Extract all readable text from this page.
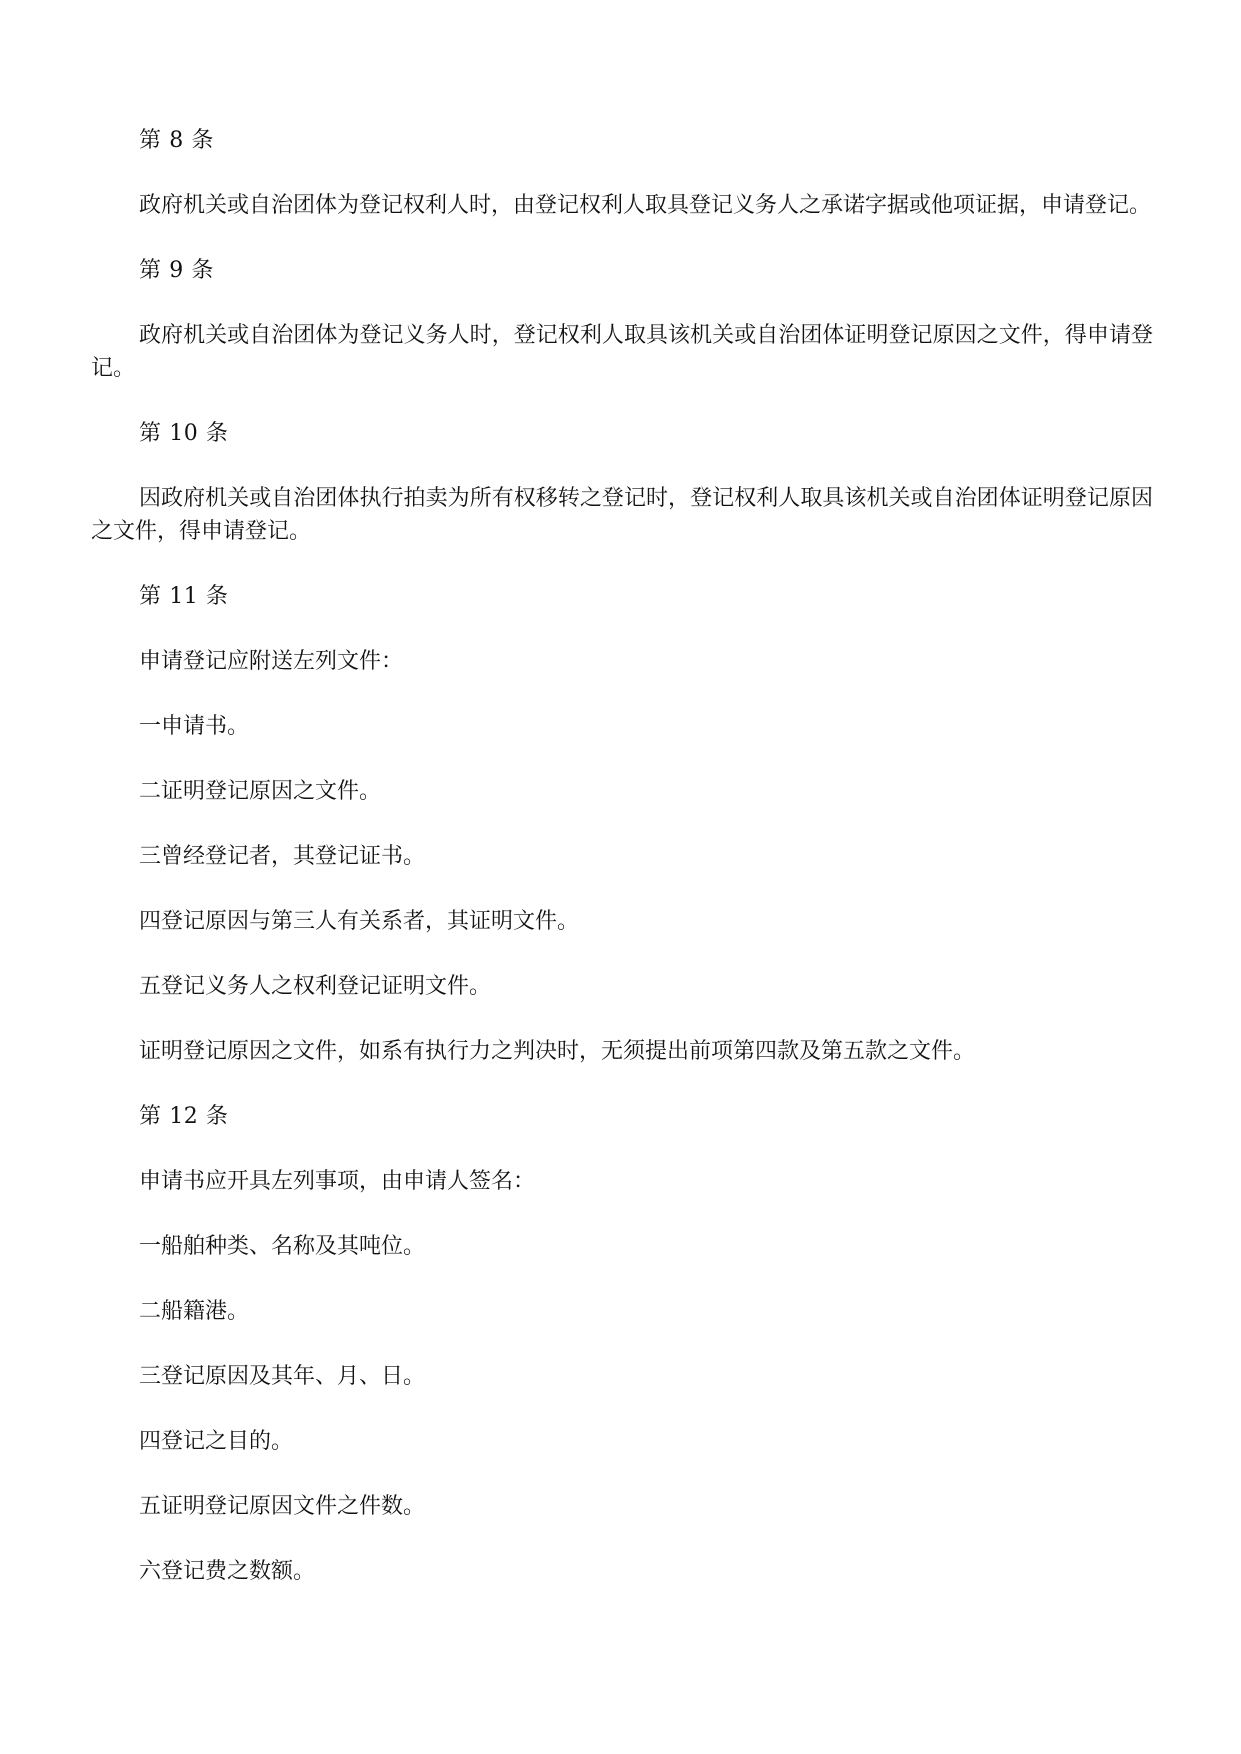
第 8 条

政府机关或自治团体为登记权利人时，由登记权利人取具登记义务人之承诺字据或他项证据，申请登记。

第 9 条

政府机关或自治团体为登记义务人时，登记权利人取具该机关或自治团体证明登记原因之文件，得申请登记。

第 10 条

因政府机关或自治团体执行拍卖为所有权移转之登记时，登记权利人取具该机关或自治团体证明登记原因之文件，得申请登记。

第 11 条

申请登记应附送左列文件：

一申请书。

二证明登记原因之文件。

三曾经登记者，其登记证书。

四登记原因与第三人有关系者，其证明文件。

五登记义务人之权利登记证明文件。

证明登记原因之文件，如系有执行力之判决时，无须提出前项第四款及第五款之文件。

第 12 条

申请书应开具左列事项，由申请人签名：

一船舶种类、名称及其吨位。

二船籍港。

三登记原因及其年、月、日。

四登记之目的。

五证明登记原因文件之件数。

六登记费之数额。
